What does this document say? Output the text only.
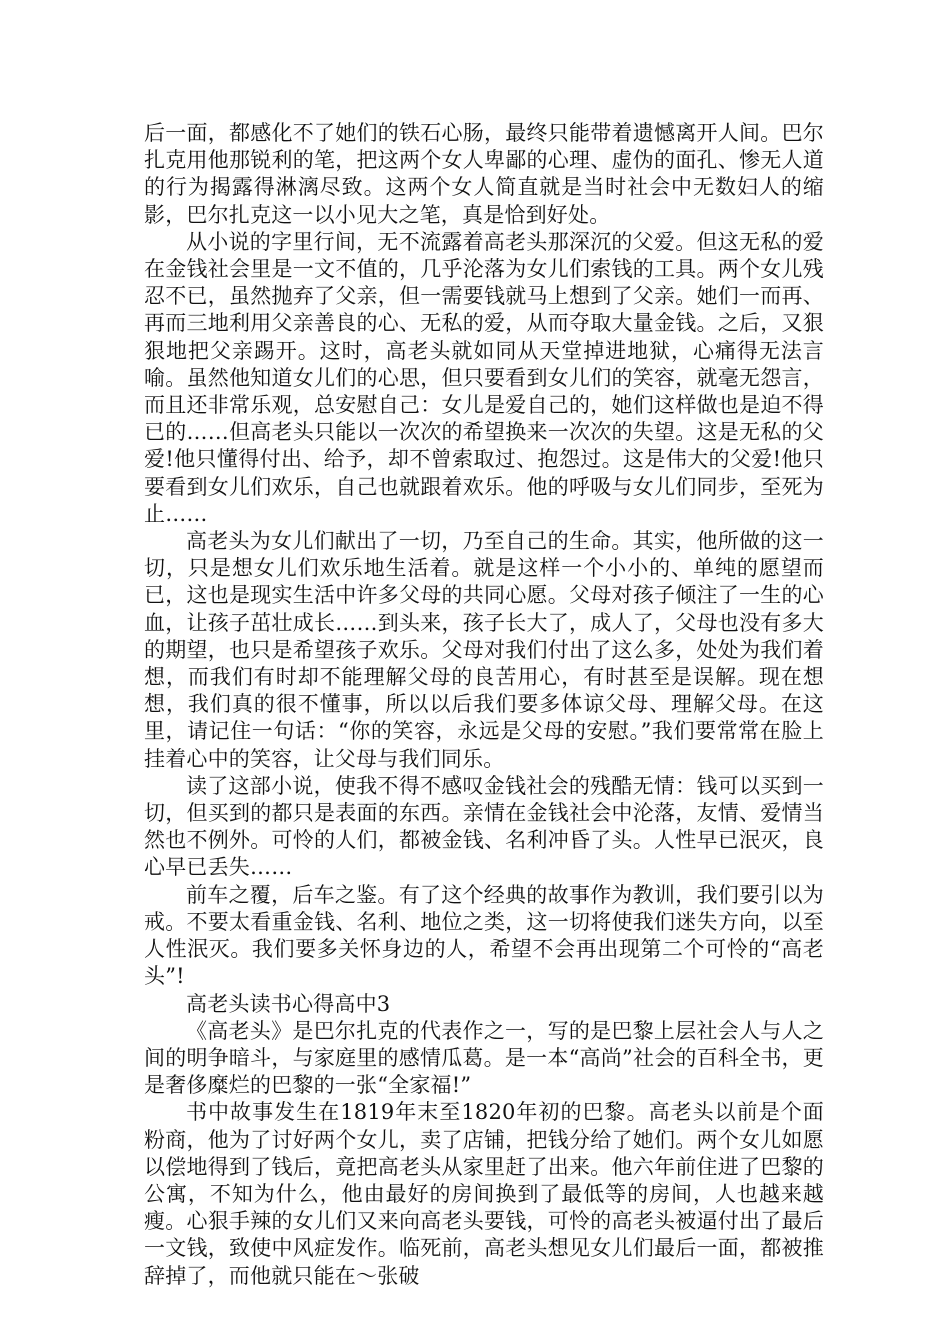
后一面，都感化不了她们的铁石心肠，最终只能带着遗憾离开人间。巴尔扎克用他那锐利的笔，把这两个女人卑鄙的心理、虚伪的面孔、惨无人道的行为揭露得淋漓尽致。这两个女人简直就是当时社会中无数妇人的缩影，巴尔扎克这一以小见大之笔，真是恰到好处。

从小说的字里行间，无不流露着高老头那深沉的父爱。但这无私的爱在金钱社会里是一文不值的，几乎沦落为女儿们索钱的工具。两个女儿残忍不已，虽然抛弃了父亲，但一需要钱就马上想到了父亲。她们一而再、再而三地利用父亲善良的心、无私的爱，从而夺取大量金钱。之后，又狠狠地把父亲踢开。这时，高老头就如同从天堂掉进地狱，心痛得无法言喻。虽然他知道女儿们的心思，但只要看到女儿们的笑容，就毫无怨言，而且还非常乐观，总安慰自己：女儿是爱自己的，她们这样做也是迫不得已的……但高老头只能以一次次的希望换来一次次的失望。这是无私的父爱!他只懂得付出、给予，却不曾索取过、抱怨过。这是伟大的父爱!他只要看到女儿们欢乐，自己也就跟着欢乐。他的呼吸与女儿们同步，至死为止……

高老头为女儿们献出了一切，乃至自己的生命。其实，他所做的这一切，只是想女儿们欢乐地生活着。就是这样一个小小的、单纯的愿望而已，这也是现实生活中许多父母的共同心愿。父母对孩子倾注了一生的心血，让孩子茁壮成长……到头来，孩子长大了，成人了，父母也没有多大的期望，也只是希望孩子欢乐。父母对我们付出了这么多，处处为我们着想，而我们有时却不能理解父母的良苦用心，有时甚至是误解。现在想想，我们真的很不懂事，所以以后我们要多体谅父母、理解父母。在这里，请记住一句话：“你的笑容，永远是父母的安慰。”我们要常常在脸上挂着心中的笑容，让父母与我们同乐。

读了这部小说，使我不得不感叹金钱社会的残酷无情：钱可以买到一切，但买到的都只是表面的东西。亲情在金钱社会中沦落，友情、爱情当然也不例外。可怜的人们，都被金钱、名利冲昏了头。人性早已泯灭，良心早已丢失……

前车之覆，后车之鉴。有了这个经典的故事作为教训，我们要引以为戒。不要太看重金钱、名利、地位之类，这一切将使我们迷失方向，以至人性泯灭。我们要多关怀身边的人，希望不会再出现第二个可怜的“高老头”!

高老头读书心得高中3

《高老头》是巴尔扎克的代表作之一，写的是巴黎上层社会人与人之间的明争暗斗，与家庭里的感情瓜葛。是一本“高尚”社会的百科全书，更是奢侈糜烂的巴黎的一张“全家福!”

书中故事发生在1819年末至1820年初的巴黎。高老头以前是个面粉商，他为了讨好两个女儿，卖了店铺，把钱分给了她们。两个女儿如愿以偿地得到了钱后，竟把高老头从家里赶了出来。他六年前住进了巴黎的公寓，不知为什么，他由最好的房间换到了最低等的房间，人也越来越瘦。心狠手辣的女儿们又来向高老头要钱，可怜的高老头被逼付出了最后一文钱，致使中风症发作。临死前，高老头想见女儿们最后一面，都被推辞掉了，而他就只能在～张破
